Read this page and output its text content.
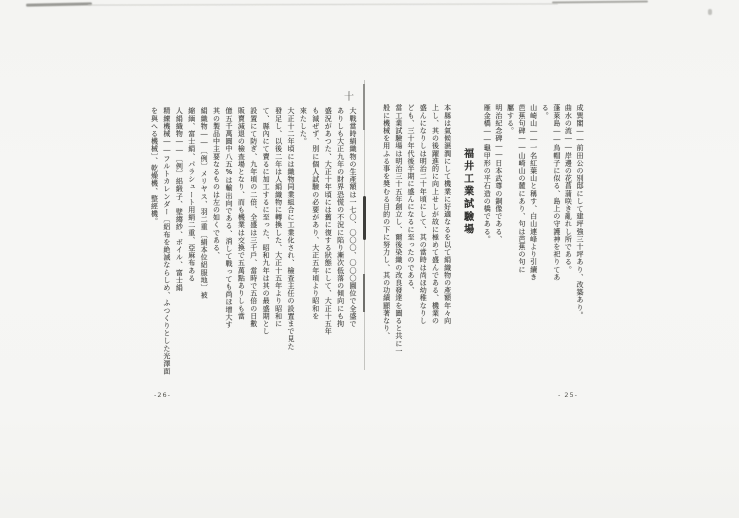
十
成巽閣――前田公の別邸にして建坪強三十坪あり、改築あり。
曲水の流――岸邊の花菖蒲咲き亂れし所である。
蓬萊島――烏帽子に似る、島上の守護神を祀りてあ
る。
山崎山――一名紅葉山と稱す、白山連峰より引續き
芭蕉句碑――山崎山の麓にあり、句は芭蕉の句に
屬する。
明治紀念碑――日本武尊の銅像である、
雁金橋――龜甲形の平石造の橋である。
福井工業試驗場
本縣は氣候濕潤にして機業に好適なるを以て絹織物の產額年々向
上し、其の後躍進的に向上せしが故に極めて盛んである、機業の
盛んになりしは明治二十年頃にして、其の當時は尚ほ幼稚なりし
ども、三十年代後半期に盛んになるに至ったのである、
當工業試驗場は明治三十五年創立し、爾後染織の改良發達を圖ると共に一
般に機械を用ふる事を奬むる目的の下に努力し、其の功績顯著なり、
- 25-
大戰當時絹織物の生產額は一七〇、〇〇〇、〇〇〇圓位で全盛で
ありしも大正九年の財界恐慌の不況に陷り漸次低落の傾向にも拘
盛況があつた、大正十年頃には舊に復する狀態にして、大正十五年
も減ぜず、別に個人試驗の必要があり、大正五年頃より昭和を
來たした。
大正十二年頃には織物同業組合に工業化され、檢查主任の設置まで見た
發足し、以後二年は人絹織物に轉換した、大正十五年より昭和に
て、縣內にて賣るに加工するに至った、昭和九年は其の最盛期とし
設置にて防ぎ、九年頃の二倍、全盛は三千戶、當時で五倍の日數
販賣減退の檢查場となり、而も機業は交換で五萬點ありしも當
億五千萬圓中八五%は輸出向である、消して戰っても尚ほ增大す
其の製品中主要なるものは左の如くである、
絹織物――〔例〕メリヤス、羽二重〔絹本位絽服地〕被
縮緬、富士絹、パラシュート用絹二重、亞麻布ある
人絹織物――〔例〕絽緞子、壁縐紗、ボイル、富士絹
精練機械――フルトカレンダー〔絽布を絶滅ならしめ、ふつくりとした光澤面
を與へる機械〕、乾燥機、整經機。
-26-
